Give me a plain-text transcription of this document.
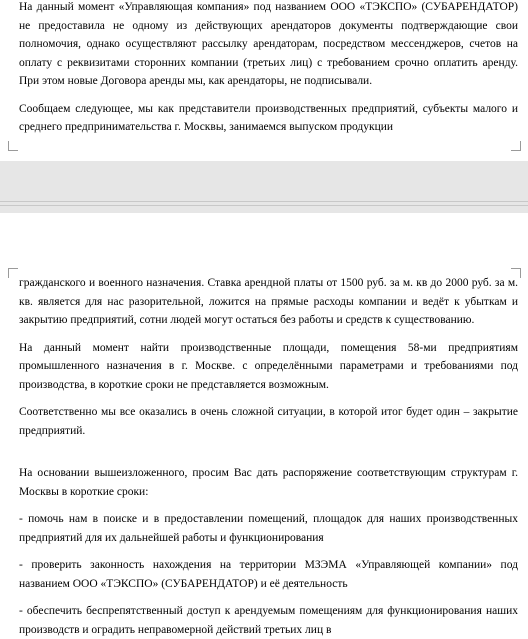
На данный момент «Управляющая компания» под названием ООО «ТЭКСПО» (СУБАРЕНДАТОР) не предоставила не одному из действующих арендаторов документы подтверждающие свои полномочия, однако осуществляют рассылку арендаторам, посредством мессенджеров, счетов на оплату с реквизитами сторонних компании (третьих лиц) с требованием срочно оплатить аренду. При этом новые Договора аренды мы, как арендаторы, не подписывали.

Сообщаем следующее, мы как представители производственных предприятий, субъекты малого и среднего предпринимательства г. Москвы, занимаемся выпуском продукции

гражданского и военного назначения. Ставка арендной платы от 1500 руб. за м. кв до 2000 руб. за м. кв. является для нас разорительной, ложится на прямые расходы компании и ведёт к убыткам и закрытию предприятий, сотни людей могут остаться без работы и средств к существованию.

На данный момент найти производственные площади, помещения 58-ми предприятиям промышленного назначения в г. Москве. с определёнными параметрами и требованиями под производства, в короткие сроки не представляется возможным.

Соответственно мы все оказались в очень сложной ситуации, в которой итог будет один – закрытие предприятий.

На основании вышеизложенного, просим Вас дать распоряжение соответствующим структурам г. Москвы в короткие сроки:

- помочь нам в поиске и в предоставлении помещений, площадок для наших производственных предприятий для их дальнейшей работы и функционирования

- проверить законность нахождения на территории МЗЭМА «Управляющей компании» под названием ООО «ТЭКСПО» (СУБАРЕНДАТОР) и её деятельность

- обеспечить беспрепятственный доступ к арендуемым помещениям для функционирования наших производств и оградить неправомерной действий третьих лиц в
